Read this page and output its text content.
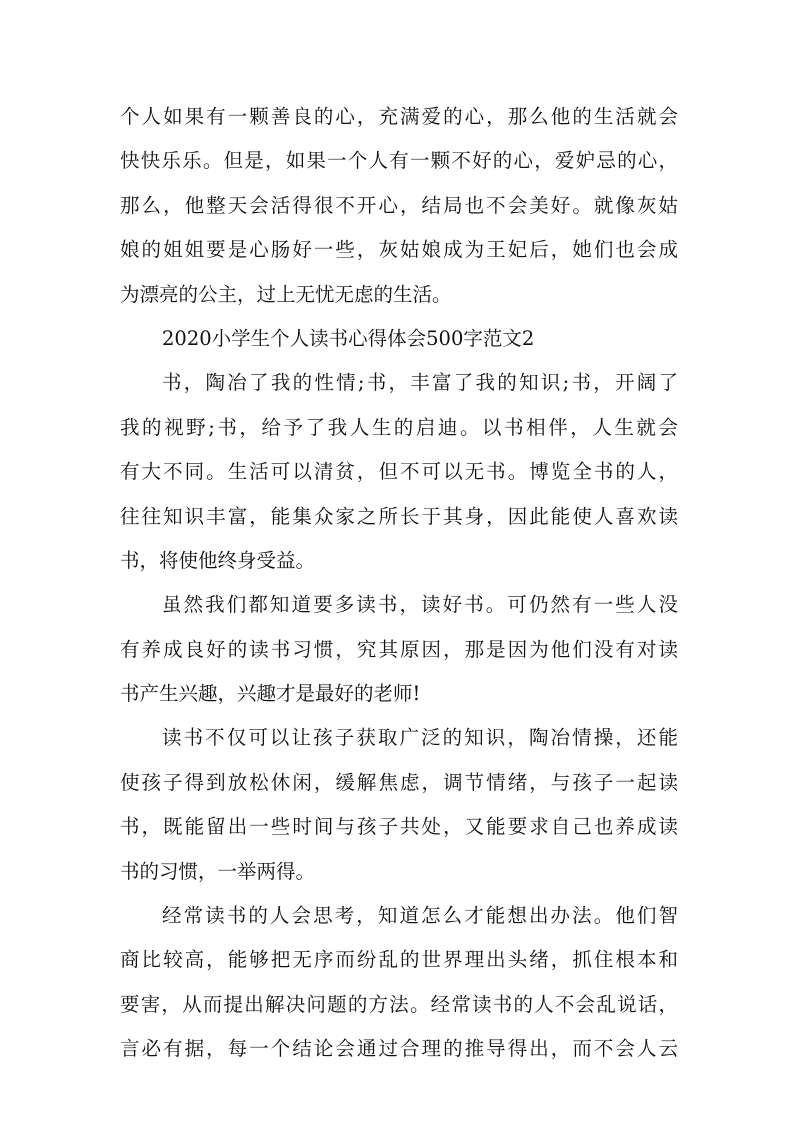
个人如果有一颗善良的心，充满爱的心，那么他的生活就会
快快乐乐。但是，如果一个人有一颗不好的心，爱妒忌的心，
那么，他整天会活得很不开心，结局也不会美好。就像灰姑
娘的姐姐要是心肠好一些，灰姑娘成为王妃后，她们也会成
为漂亮的公主，过上无忧无虑的生活。
2020小学生个人读书心得体会500字范文2
书，陶冶了我的性情;书，丰富了我的知识;书，开阔了
我的视野;书，给予了我人生的启迪。以书相伴，人生就会
有大不同。生活可以清贫，但不可以无书。博览全书的人，
往往知识丰富，能集众家之所长于其身，因此能使人喜欢读
书，将使他终身受益。
虽然我们都知道要多读书，读好书。可仍然有一些人没
有养成良好的读书习惯，究其原因，那是因为他们没有对读
书产生兴趣，兴趣才是最好的老师!
读书不仅可以让孩子获取广泛的知识，陶冶情操，还能
使孩子得到放松休闲，缓解焦虑，调节情绪，与孩子一起读
书，既能留出一些时间与孩子共处，又能要求自己也养成读
书的习惯，一举两得。
经常读书的人会思考，知道怎么才能想出办法。他们智
商比较高，能够把无序而纷乱的世界理出头绪，抓住根本和
要害，从而提出解决问题的方法。经常读书的人不会乱说话，
言必有据，每一个结论会通过合理的推导得出，而不会人云
